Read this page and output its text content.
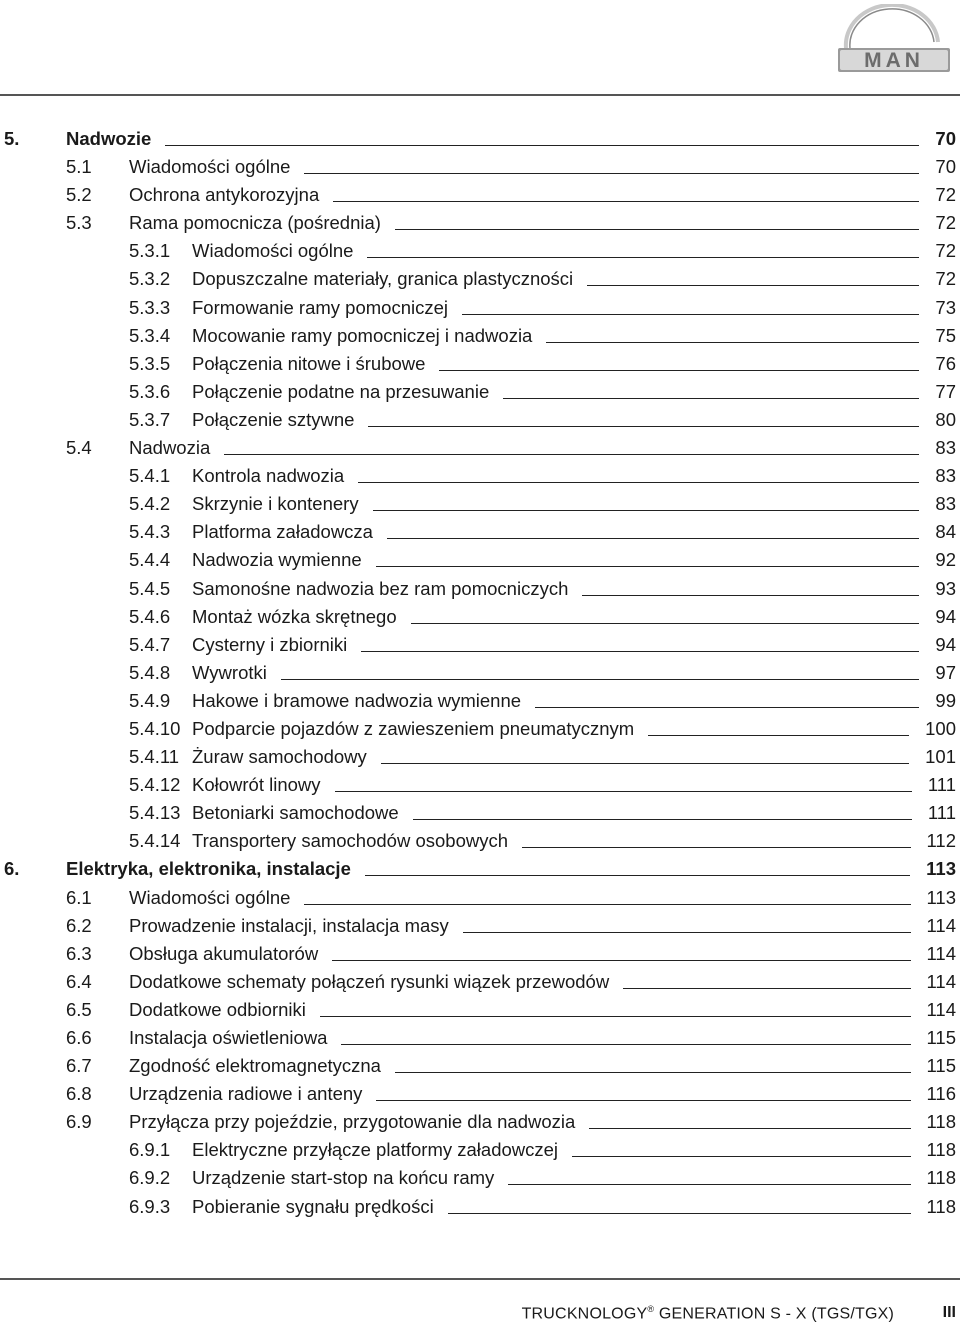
MAN
5.	Nadwozie	70
5.1 Wiadomości ogólne	70
5.2 Ochrona antykorozyjna	72
5.3 Rama pomocnicza (pośrednia)	72
5.3.1 Wiadomości ogólne	72
5.3.2 Dopuszczalne materiały, granica plastyczności	72
5.3.3 Formowanie ramy pomocniczej	73
5.3.4 Mocowanie ramy pomocniczej i nadwozia	75
5.3.5 Połączenia nitowe i śrubowe	76
5.3.6 Połączenie podatne na przesuwanie	77
5.3.7 Połączenie sztywne	80
5.4 Nadwozia	83
5.4.1 Kontrola nadwozia	83
5.4.2 Skrzynie i kontenery	83
5.4.3 Platforma załadowcza	84
5.4.4 Nadwozia wymienne	92
5.4.5 Samonośne nadwozia bez ram pomocniczych	93
5.4.6 Montaż wózka skrętnego	94
5.4.7 Cysterny i zbiorniki	94
5.4.8 Wywrotki	97
5.4.9 Hakowe i bramowe nadwozia wymienne	99
5.4.10 Podparcie pojazdów z zawieszeniem pneumatycznym	100
5.4.11 Żuraw samochodowy	101
5.4.12 Kołowrót linowy	111
5.4.13 Betoniarki samochodowe	111
5.4.14 Transportery samochodów osobowych	112
6.	Elektryka, elektronika, instalacje	113
6.1 Wiadomości ogólne	113
6.2 Prowadzenie instalacji, instalacja masy	114
6.3 Obsługa akumulatorów	114
6.4 Dodatkowe schematy połączeń rysunki wiązek przewodów	114
6.5 Dodatkowe odbiorniki	114
6.6 Instalacja oświetleniowa	115
6.7 Zgodność elektromagnetyczna	115
6.8 Urządzenia radiowe i anteny	116
6.9 Przyłącza przy pojeździe, przygotowanie dla nadwozia	118
6.9.1 Elektryczne przyłącze platformy załadowczej	118
6.9.2 Urządzenie start-stop na końcu ramy	118
6.9.3 Pobieranie sygnału prędkości	118
TRUCKNOLOGY® GENERATION S - X (TGS/TGX)	III
